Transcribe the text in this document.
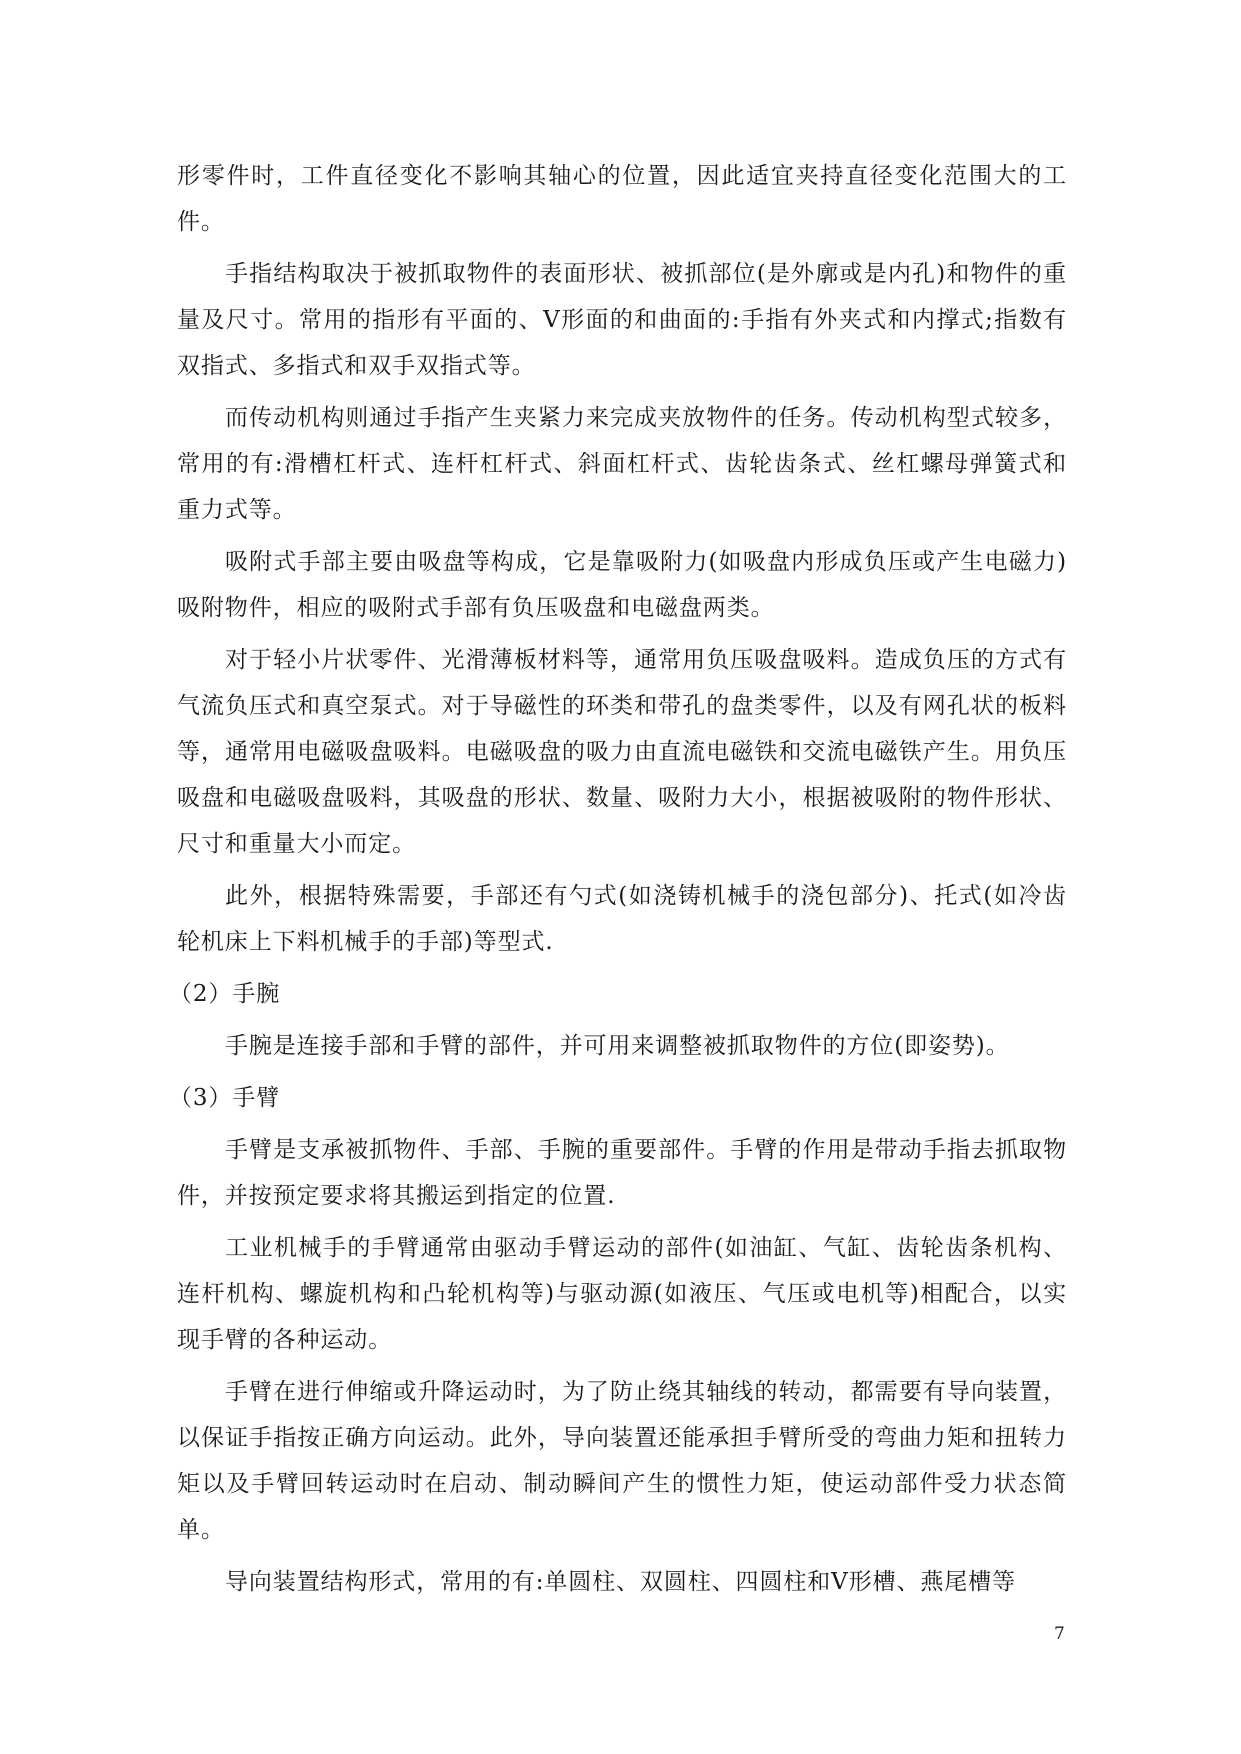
形零件时，工件直径变化不影响其轴心的位置，因此适宜夹持直径变化范围大的工件。

手指结构取决于被抓取物件的表面形状、被抓部位(是外廓或是内孔)和物件的重量及尺寸。常用的指形有平面的、V形面的和曲面的:手指有外夹式和内撑式;指数有双指式、多指式和双手双指式等。

而传动机构则通过手指产生夹紧力来完成夹放物件的任务。传动机构型式较多，常用的有:滑槽杠杆式、连杆杠杆式、斜面杠杆式、齿轮齿条式、丝杠螺母弹簧式和重力式等。

吸附式手部主要由吸盘等构成，它是靠吸附力(如吸盘内形成负压或产生电磁力)吸附物件，相应的吸附式手部有负压吸盘和电磁盘两类。

对于轻小片状零件、光滑薄板材料等，通常用负压吸盘吸料。造成负压的方式有气流负压式和真空泵式。对于导磁性的环类和带孔的盘类零件，以及有网孔状的板料等，通常用电磁吸盘吸料。电磁吸盘的吸力由直流电磁铁和交流电磁铁产生。用负压吸盘和电磁吸盘吸料，其吸盘的形状、数量、吸附力大小，根据被吸附的物件形状、尺寸和重量大小而定。

此外，根据特殊需要，手部还有勺式(如浇铸机械手的浇包部分)、托式(如冷齿轮机床上下料机械手的手部)等型式.

（2）手腕

手腕是连接手部和手臂的部件，并可用来调整被抓取物件的方位(即姿势)。

（3）手臂

手臂是支承被抓物件、手部、手腕的重要部件。手臂的作用是带动手指去抓取物件，并按预定要求将其搬运到指定的位置.

工业机械手的手臂通常由驱动手臂运动的部件(如油缸、气缸、齿轮齿条机构、连杆机构、螺旋机构和凸轮机构等)与驱动源(如液压、气压或电机等)相配合，以实现手臂的各种运动。

手臂在进行伸缩或升降运动时，为了防止绕其轴线的转动，都需要有导向装置，以保证手指按正确方向运动。此外，导向装置还能承担手臂所受的弯曲力矩和扭转力矩以及手臂回转运动时在启动、制动瞬间产生的惯性力矩，使运动部件受力状态简单。

导向装置结构形式，常用的有:单圆柱、双圆柱、四圆柱和V形槽、燕尾槽等

7
